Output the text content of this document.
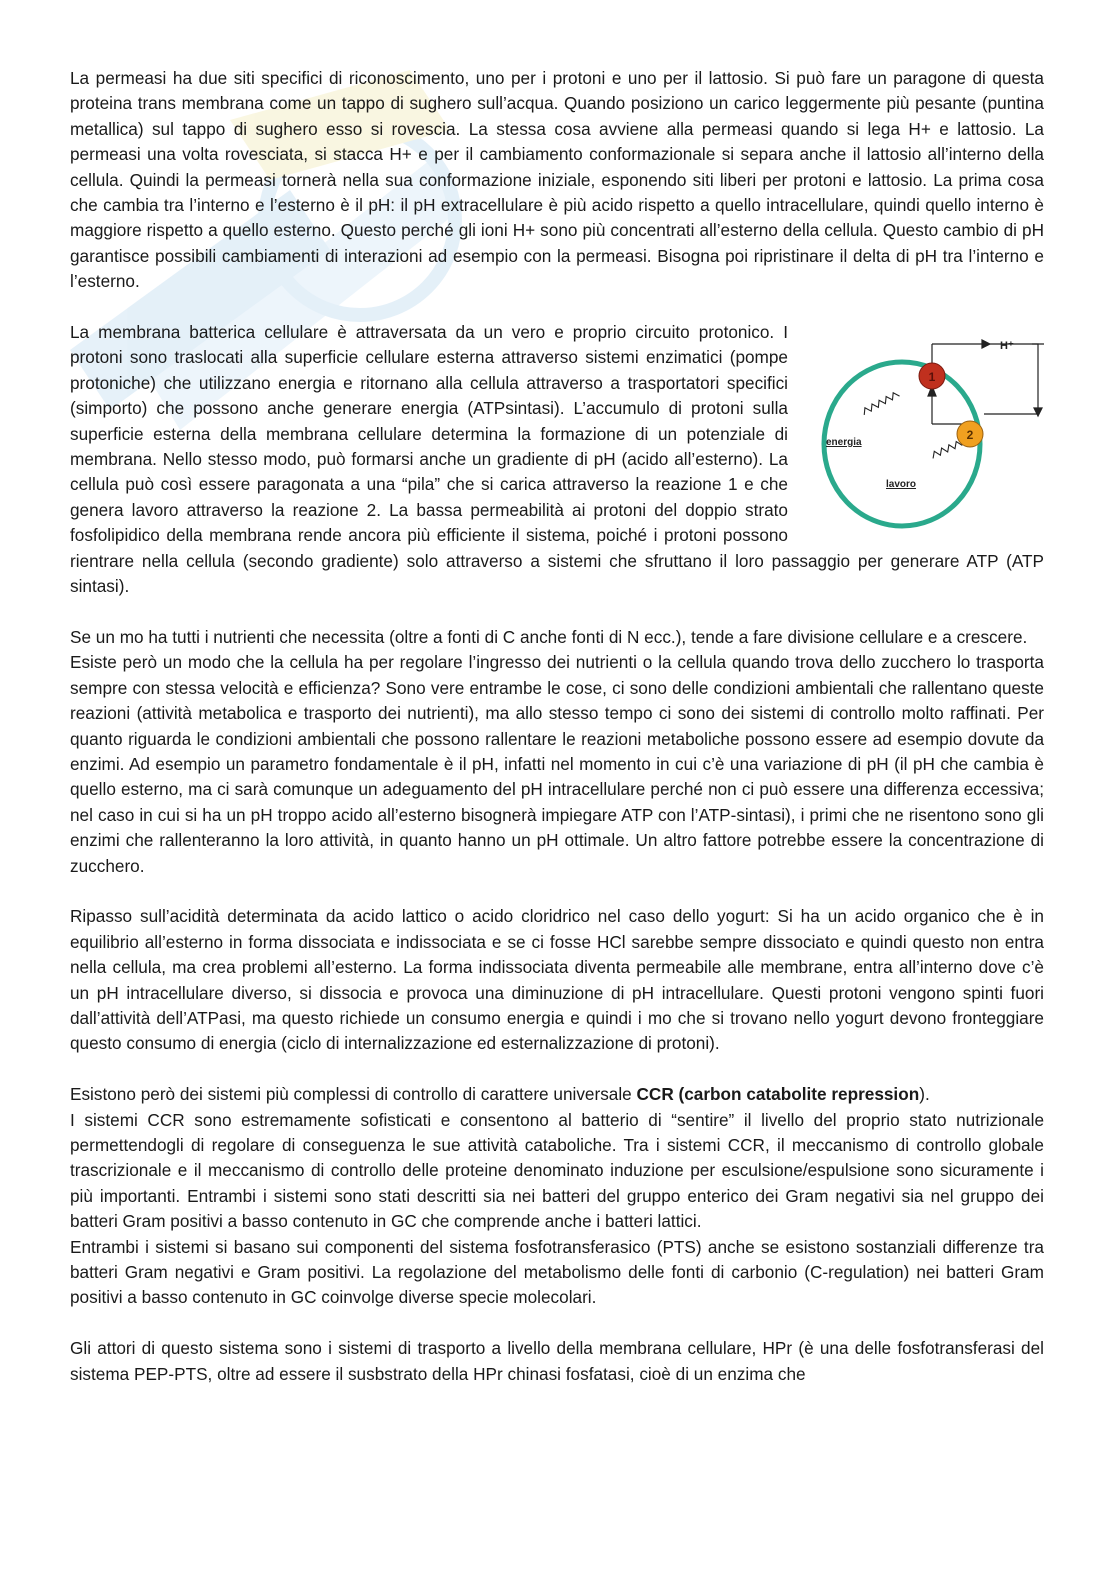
La permeasi ha due siti specifici di riconoscimento, uno per i protoni e uno per il lattosio. Si può fare un paragone di questa proteina trans membrana come un tappo di sughero sull’acqua. Quando posiziono un carico leggermente più pesante (puntina metallica) sul tappo di sughero esso si rovescia. La stessa cosa avviene alla permeasi quando si lega H+ e lattosio. La permeasi una volta rovesciata, si stacca H+ e per il cambiamento conformazionale si separa anche il lattosio all’interno della cellula. Quindi la permeasi tornerà nella sua conformazione iniziale, esponendo siti liberi per protoni e lattosio. La prima cosa che cambia tra l’interno e l’esterno è il pH: il pH extracellulare è più acido rispetto a quello intracellulare, quindi quello interno è maggiore rispetto a quello esterno. Questo perché gli ioni H+ sono più concentrati all’esterno della cellula. Questo cambio di pH garantisce possibili cambiamenti di interazioni ad esempio con la permeasi. Bisogna poi ripristinare il delta di pH tra l’interno e l’esterno.

1
2
H⁺
energia
lavoro

La membrana batterica cellulare è attraversata da un vero e proprio circuito protonico. I protoni sono traslocati alla superficie cellulare esterna attraverso sistemi enzimatici (pompe protoniche) che utilizzano energia e ritornano alla cellula attraverso a trasportatori specifici (simporto) che possono anche generare energia (ATPsintasi). L’accumulo di protoni sulla superficie esterna della membrana cellulare determina la formazione di un potenziale di membrana. Nello stesso modo, può formarsi anche un gradiente di pH (acido all’esterno). La cellula può così essere paragonata a una “pila” che si carica attraverso la reazione 1 e che genera lavoro attraverso la reazione 2. La bassa permeabilità ai protoni del doppio strato fosfolipidico della membrana rende ancora più efficiente il sistema, poiché i protoni possono rientrare nella cellula (secondo gradiente) solo attraverso a sistemi che sfruttano il loro passaggio per generare ATP (ATP sintasi).

Se un mo ha tutti i nutrienti che necessita (oltre a fonti di C anche fonti di N ecc.), tende a fare divisione cellulare e a crescere.

Esiste però un modo che la cellula ha per regolare l’ingresso dei nutrienti o la cellula quando trova dello zucchero lo trasporta sempre con stessa velocità e efficienza? Sono vere entrambe le cose, ci sono delle condizioni ambientali che rallentano queste reazioni (attività metabolica e trasporto dei nutrienti), ma allo stesso tempo ci sono dei sistemi di controllo molto raffinati. Per quanto riguarda le condizioni ambientali che possono rallentare le reazioni metaboliche possono essere ad esempio dovute da enzimi. Ad esempio un parametro fondamentale è il pH, infatti nel momento in cui c’è una variazione di pH (il pH che cambia è quello esterno, ma ci sarà comunque un adeguamento del pH intracellulare perché non ci può essere una differenza eccessiva; nel caso in cui si ha un pH troppo acido all’esterno bisognerà impiegare ATP con l’ATP-sintasi), i primi che ne risentono sono gli enzimi che rallenteranno la loro attività, in quanto hanno un pH ottimale. Un altro fattore potrebbe essere la concentrazione di zucchero.

Ripasso sull’acidità determinata da acido lattico o acido cloridrico nel caso dello yogurt: Si ha un acido organico che è in equilibrio all’esterno in forma dissociata e indissociata e se ci fosse HCl sarebbe sempre dissociato e quindi questo non entra nella cellula, ma crea problemi all’esterno. La forma indissociata diventa permeabile alle membrane, entra all’interno dove c’è un pH intracellulare diverso, si dissocia e provoca una diminuzione di pH intracellulare. Questi protoni vengono spinti fuori dall’attività dell’ATPasi, ma questo richiede un consumo energia e quindi i mo che si trovano nello yogurt devono fronteggiare questo consumo di energia (ciclo di internalizzazione ed esternalizzazione di protoni).

Esistono però dei sistemi più complessi di controllo di carattere universale CCR (carbon catabolite repression).

I sistemi CCR sono estremamente sofisticati e consentono al batterio di “sentire” il livello del proprio stato nutrizionale permettendogli di regolare di conseguenza le sue attività cataboliche. Tra i sistemi CCR, il meccanismo di controllo globale trascrizionale e il meccanismo di controllo delle proteine denominato induzione per esculsione/espulsione sono sicuramente i più importanti. Entrambi i sistemi sono stati descritti sia nei batteri del gruppo enterico dei Gram negativi sia nel gruppo dei batteri Gram positivi a basso contenuto in GC che comprende anche i batteri lattici.

Entrambi i sistemi si basano sui componenti del sistema fosfotransferasico (PTS) anche se esistono sostanziali differenze tra batteri Gram negativi e Gram positivi. La regolazione del metabolismo delle fonti di carbonio (C-regulation) nei batteri Gram positivi a basso contenuto in GC coinvolge diverse specie molecolari.

Gli attori di questo sistema sono i sistemi di trasporto a livello della membrana cellulare, HPr (è una delle fosfotransferasi del sistema PEP-PTS, oltre ad essere il susbstrato della HPr chinasi fosfatasi, cioè di un enzima che
